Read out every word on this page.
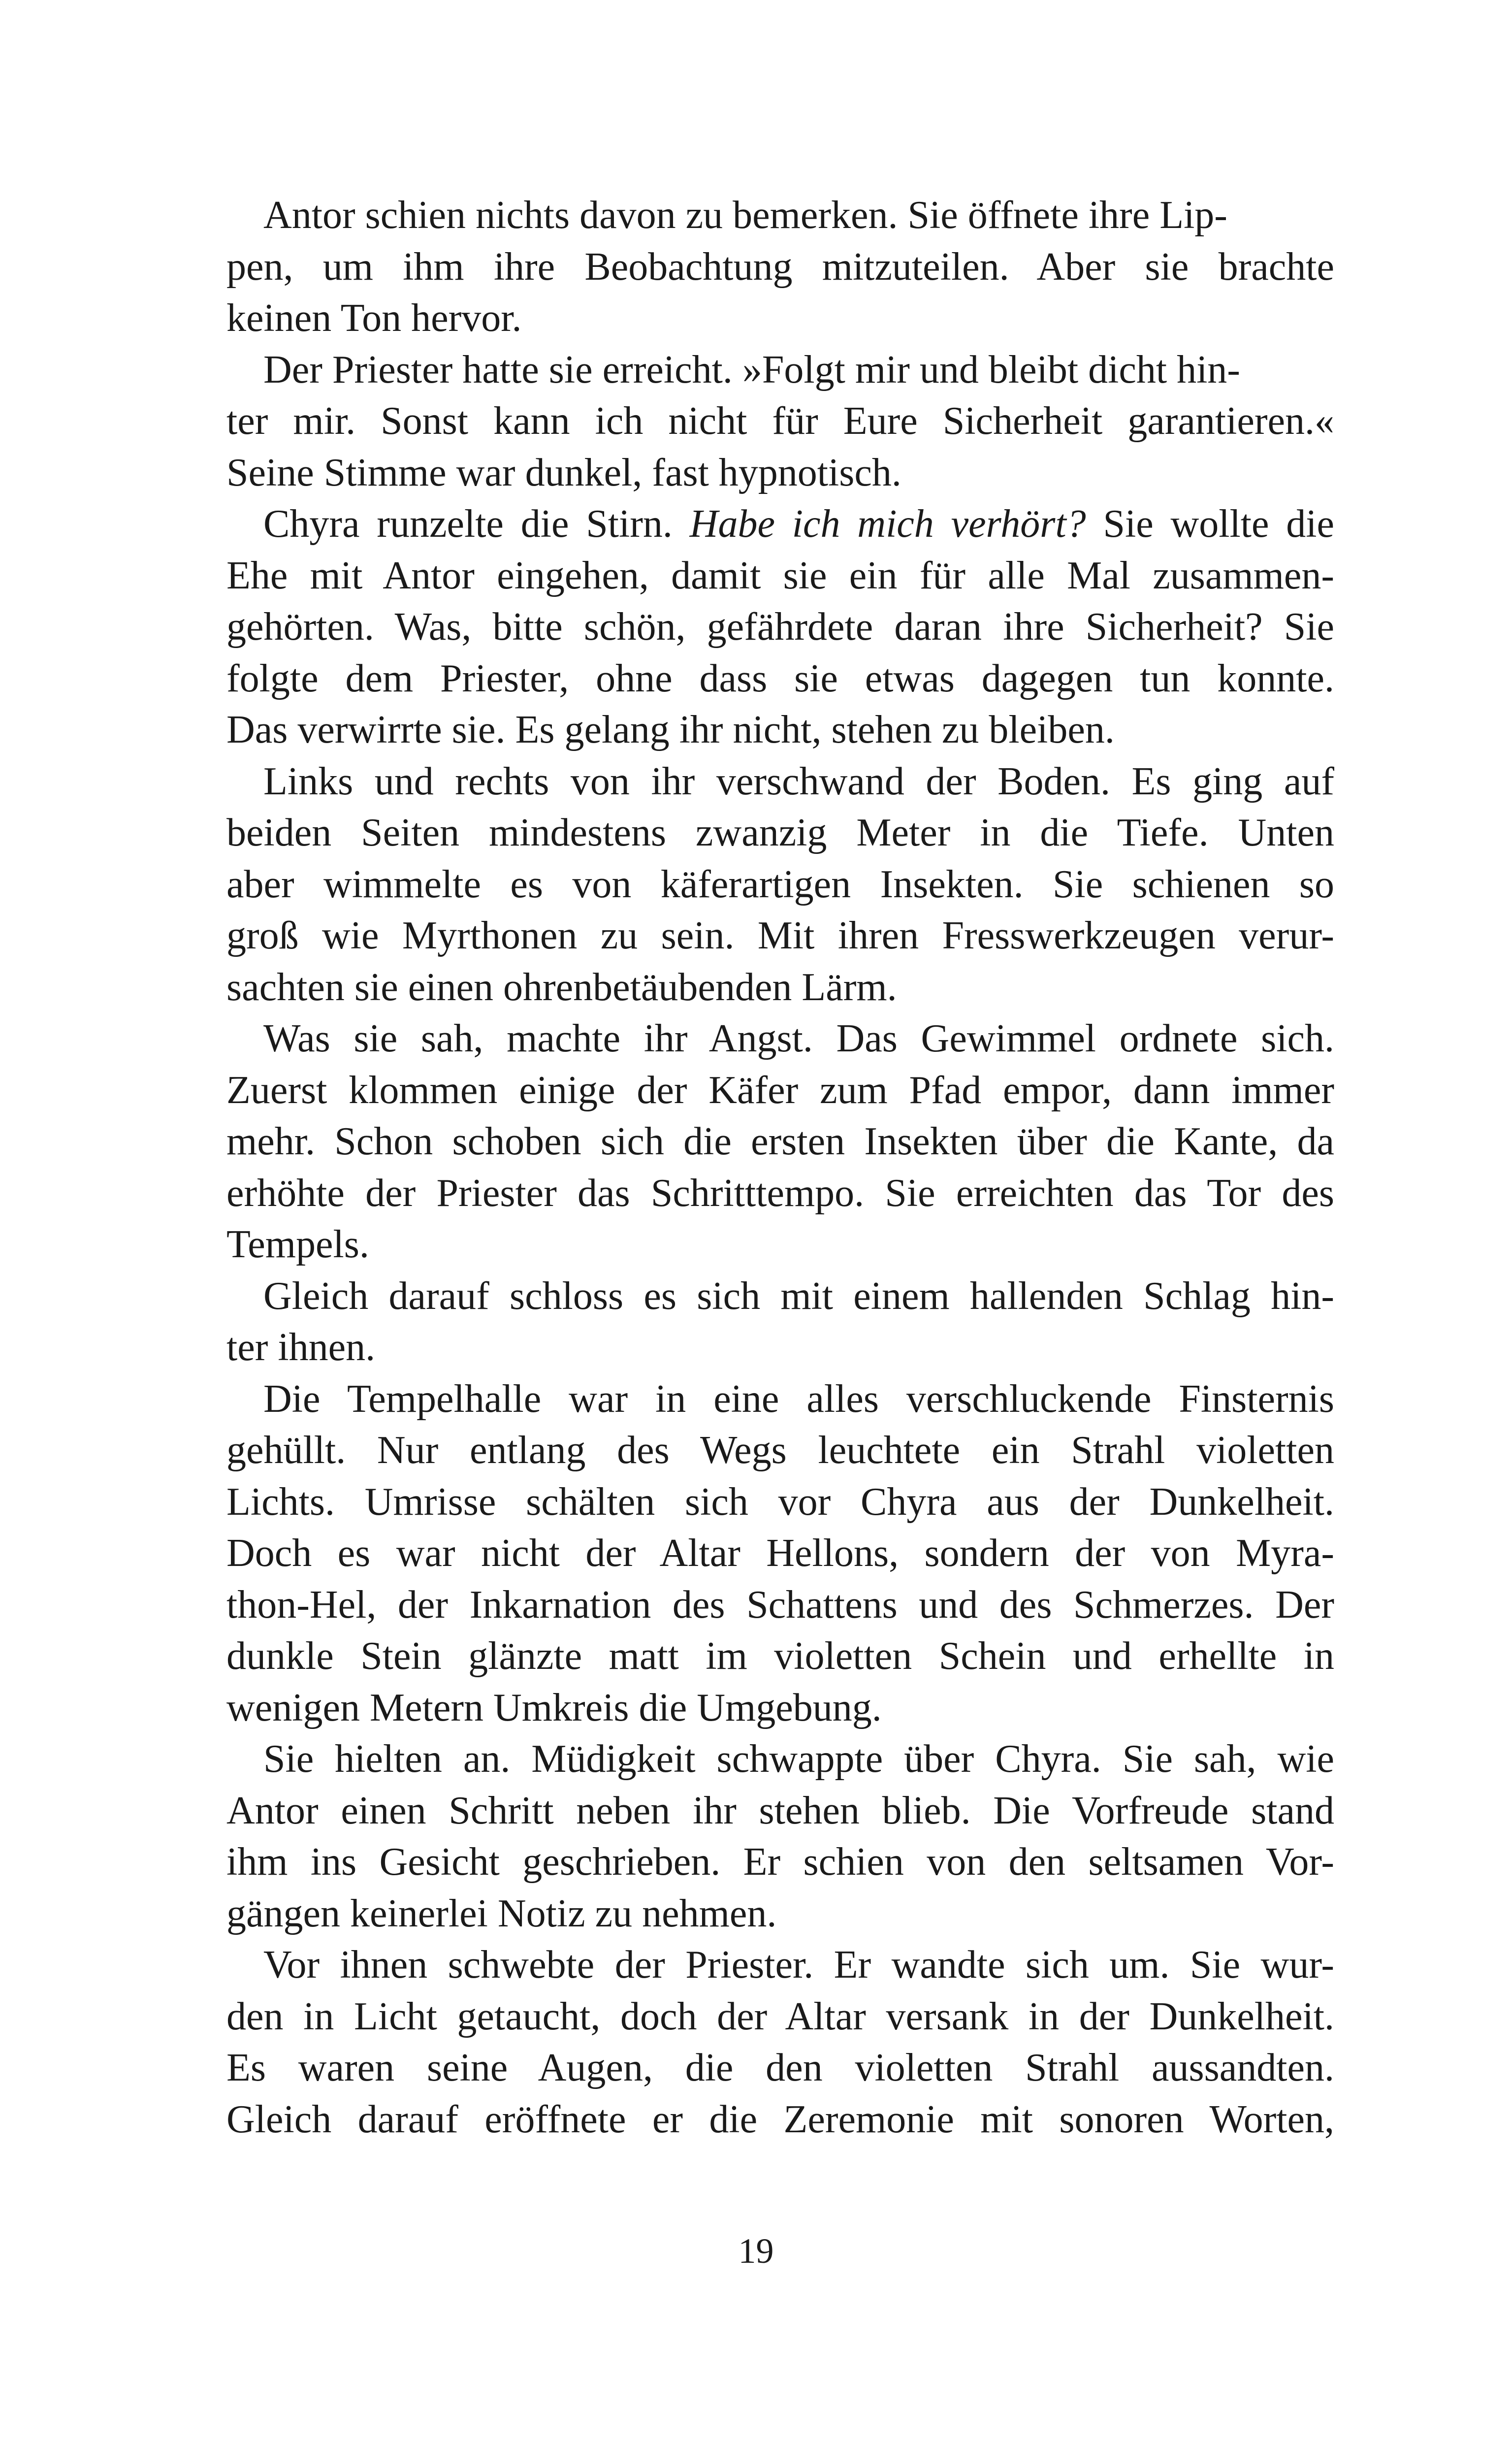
Antor schien nichts davon zu bemerken. Sie öffnete ihre Lip-
pen, um ihm ihre Beobachtung mitzuteilen. Aber sie brachte
keinen Ton hervor.
Der Priester hatte sie erreicht. »Folgt mir und bleibt dicht hin-
ter mir. Sonst kann ich nicht für Eure Sicherheit garantieren.«
Seine Stimme war dunkel, fast hypnotisch.
Chyra runzelte die Stirn. Habe ich mich verhört? Sie wollte die
Ehe mit Antor eingehen, damit sie ein für alle Mal zusammen-
gehörten. Was, bitte schön, gefährdete daran ihre Sicherheit? Sie
folgte dem Priester, ohne dass sie etwas dagegen tun konnte.
Das verwirrte sie. Es gelang ihr nicht, stehen zu bleiben.
Links und rechts von ihr verschwand der Boden. Es ging auf
beiden Seiten mindestens zwanzig Meter in die Tiefe. Unten
aber wimmelte es von käferartigen Insekten. Sie schienen so
groß wie Myrthonen zu sein. Mit ihren Fresswerkzeugen verur-
sachten sie einen ohrenbetäubenden Lärm.
Was sie sah, machte ihr Angst. Das Gewimmel ordnete sich.
Zuerst klommen einige der Käfer zum Pfad empor, dann immer
mehr. Schon schoben sich die ersten Insekten über die Kante, da
erhöhte der Priester das Schritttempo. Sie erreichten das Tor des
Tempels.
Gleich darauf schloss es sich mit einem hallenden Schlag hin-
ter ihnen.
Die Tempelhalle war in eine alles verschluckende Finsternis
gehüllt. Nur entlang des Wegs leuchtete ein Strahl violetten
Lichts. Umrisse schälten sich vor Chyra aus der Dunkelheit.
Doch es war nicht der Altar Hellons, sondern der von Myra-
thon-Hel, der Inkarnation des Schattens und des Schmerzes. Der
dunkle Stein glänzte matt im violetten Schein und erhellte in
wenigen Metern Umkreis die Umgebung.
Sie hielten an. Müdigkeit schwappte über Chyra. Sie sah, wie
Antor einen Schritt neben ihr stehen blieb. Die Vorfreude stand
ihm ins Gesicht geschrieben. Er schien von den seltsamen Vor-
gängen keinerlei Notiz zu nehmen.
Vor ihnen schwebte der Priester. Er wandte sich um. Sie wur-
den in Licht getaucht, doch der Altar versank in der Dunkelheit.
Es waren seine Augen, die den violetten Strahl aussandten.
Gleich darauf eröffnete er die Zeremonie mit sonoren Worten,
19
